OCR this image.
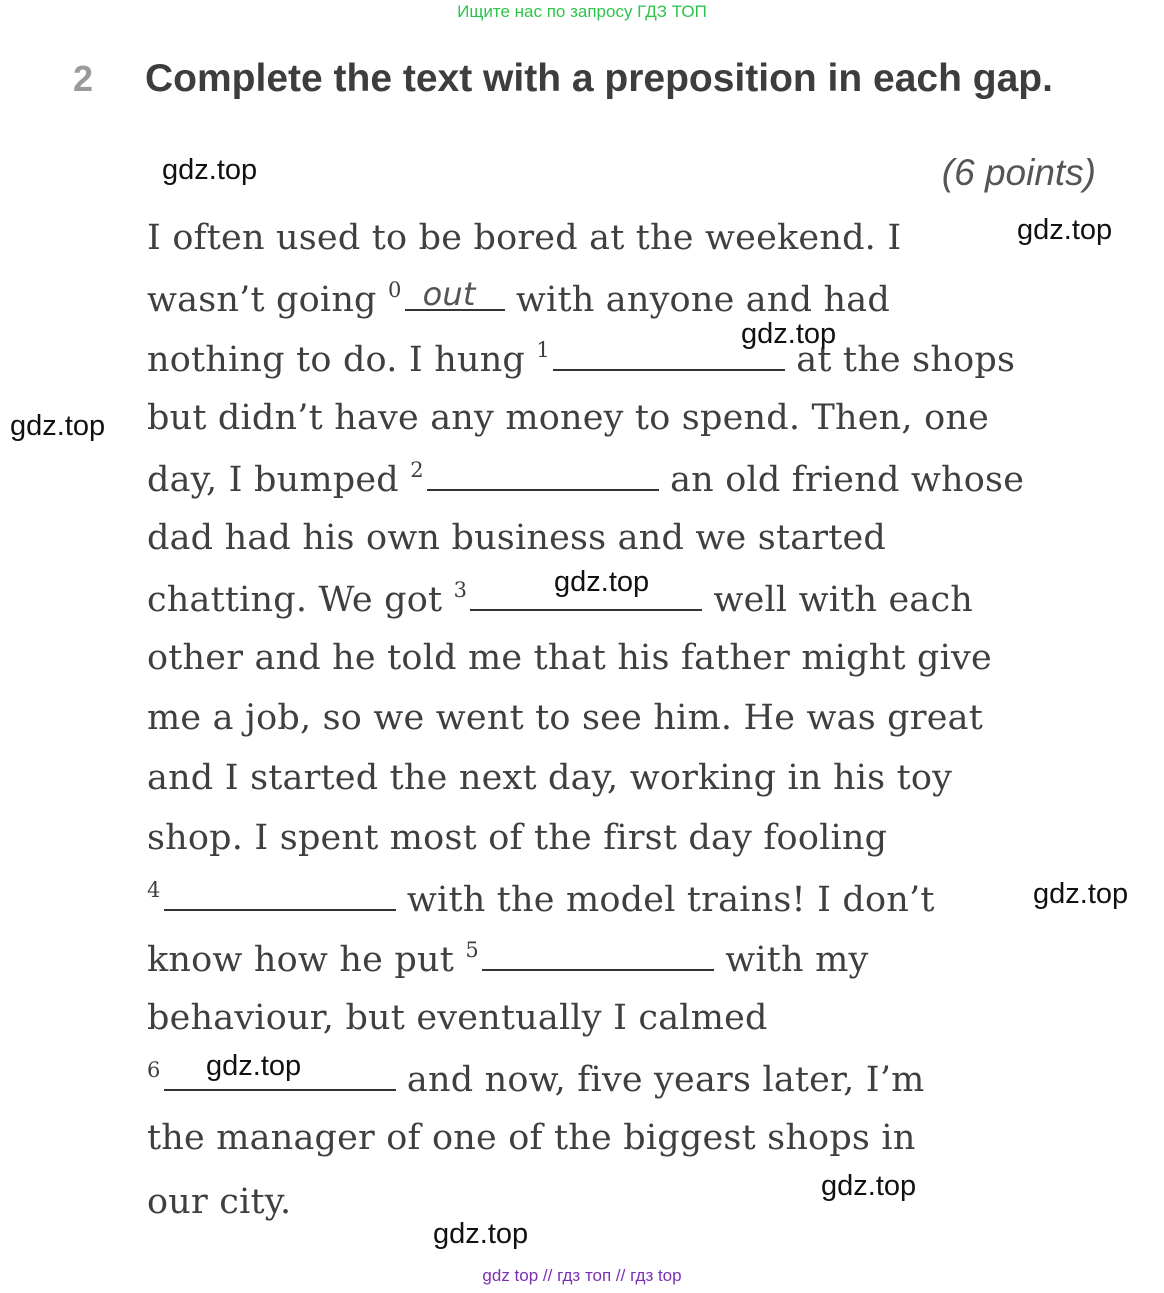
Ищите нас по запросу ГДЗ ТОП
2 Complete the text with a preposition in each gap.
(6 points)
I often used to be bored at the weekend. I
wasn’t going $^0$ out with anyone and had
nothing to do. I hung $^1$	at the shops
but didn’t have any money to spend. Then, one
day, I bumped $^2$	an old friend whose
dad had his own business and we started
chatting. We got $^3$	well with each
other and he told me that his father might give
me a job, so we went to see him. He was great
and I started the next day, working in his toy
shop. I spent most of the first day fooling
$^4$	with the model trains! I don’t
know how he put $^5$	with my
behaviour, but eventually I calmed
$^6$	and now, five years later, I’m
the manager of one of the biggest shops in
our city.
gdz.top
gdz.top
gdz.top
gdz.top
gdz.top
gdz.top
gdz.top
gdz.top
gdz.top
gdz top // гдз топ // гдз top
